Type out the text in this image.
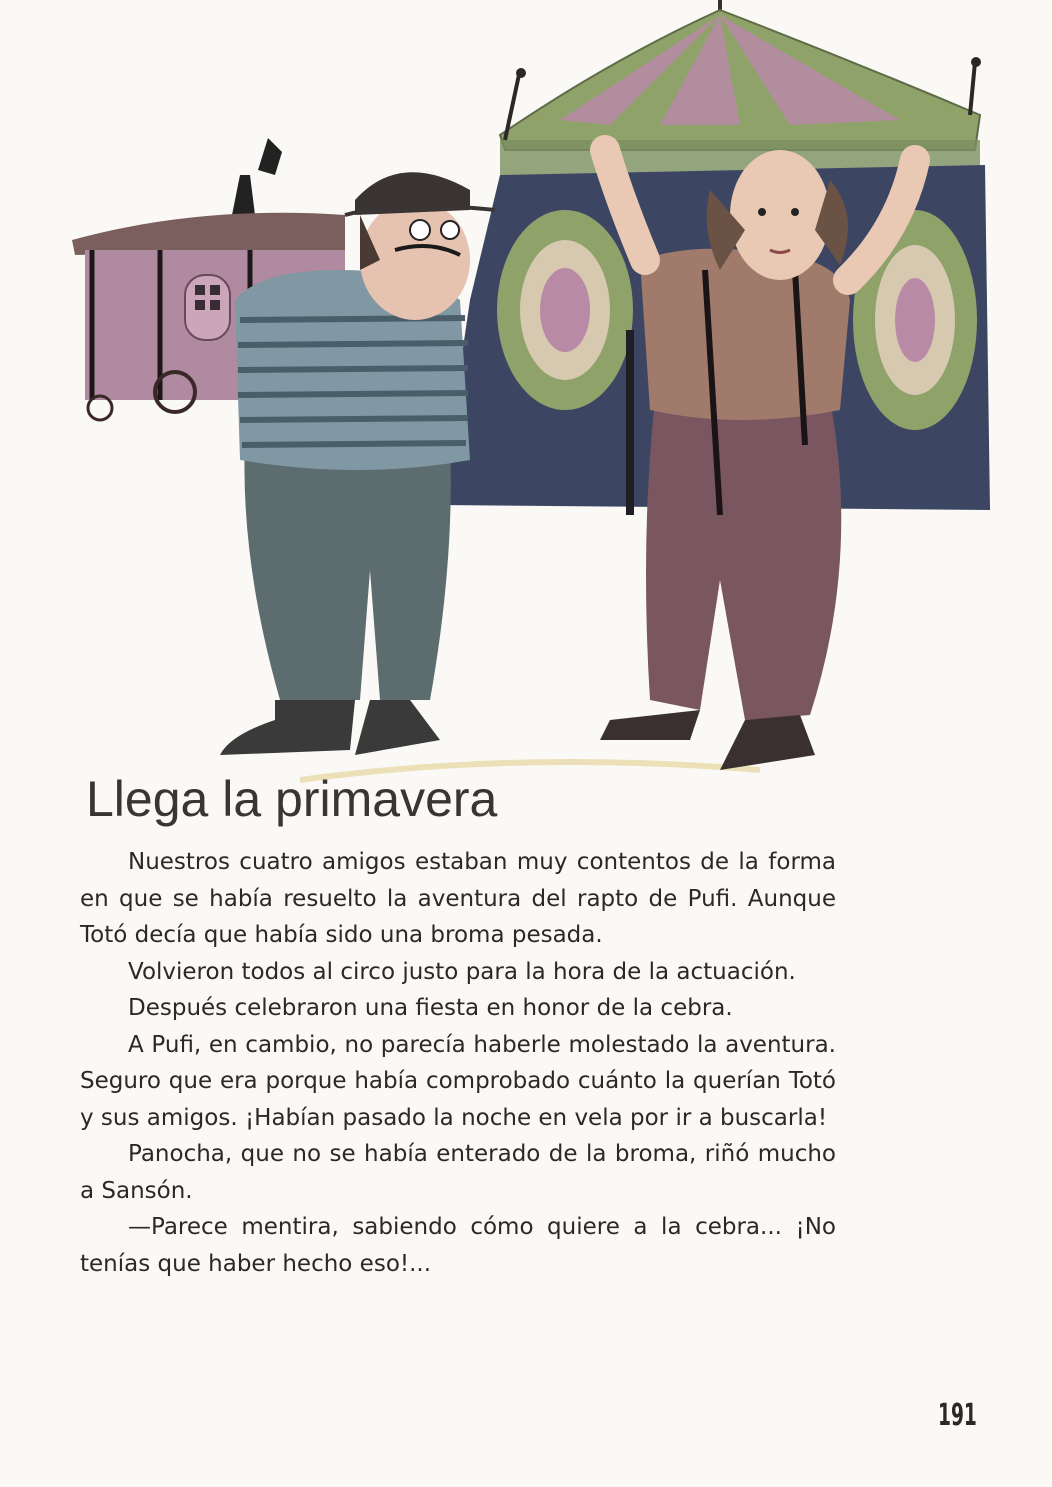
Llega la primavera

Nuestros cuatro amigos estaban muy contentos de la forma en que se había resuelto la aventura del rapto de Pufi. Aunque Totó decía que había sido una broma pesada.

Volvieron todos al circo justo para la hora de la actuación.

Después celebraron una fiesta en honor de la cebra.

A Pufi, en cambio, no parecía haberle molestado la aventura. Seguro que era porque había comprobado cuánto la querían Totó y sus amigos. ¡Habían pasado la noche en vela por ir a buscarla!

Panocha, que no se había enterado de la broma, riñó mucho a Sansón.

—Parece mentira, sabiendo cómo quiere a la cebra... ¡No tenías que haber hecho eso!...

191
